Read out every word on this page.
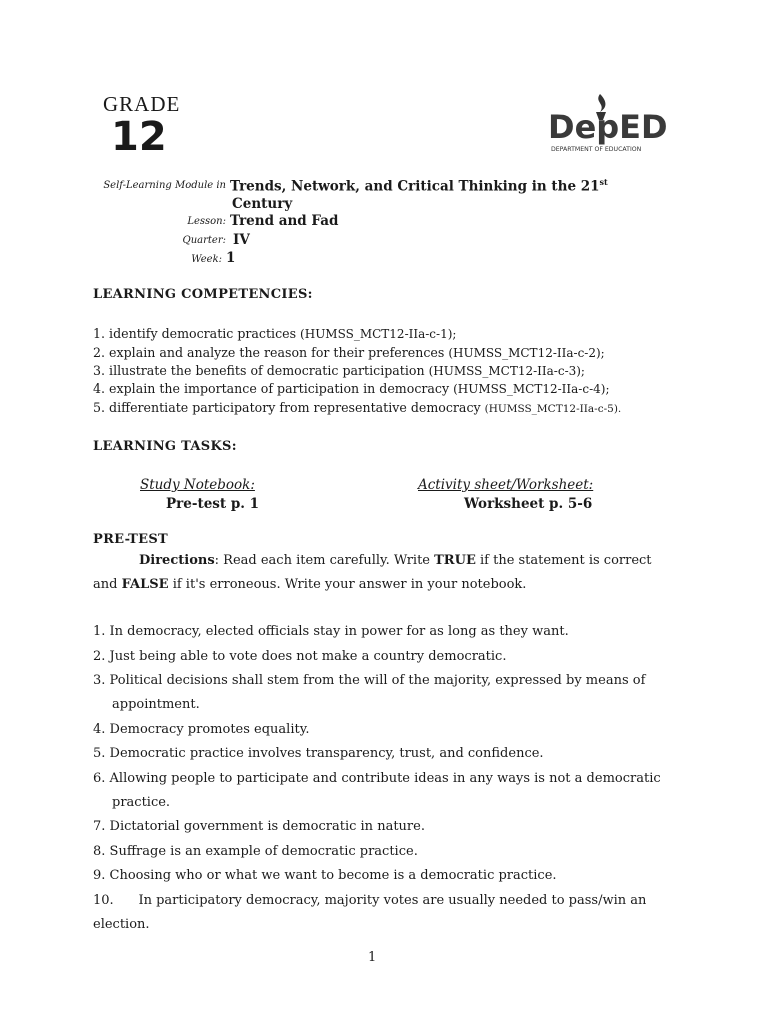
GRADE
12	DepED
DEPARTMENT OF EDUCATION
Self-Learning Module in Trends, Network, and Critical Thinking in the 21st
Century
Lesson: Trend and Fad
Quarter: IV
Week: 1
LEARNING COMPETENCIES:
1. identify democratic practices (HUMSS_MCT12-IIa-c-1);
2. explain and analyze the reason for their preferences (HUMSS_MCT12-IIa-c-2);
3. illustrate the benefits of democratic participation (HUMSS_MCT12-IIa-c-3);
4. explain the importance of participation in democracy (HUMSS_MCT12-IIa-c-4);
5. differentiate participatory from representative democracy (HUMSS_MCT12-IIa-c-5).
LEARNING TASKS:
Study Notebook:
Pre-test p. 1
Activity sheet/Worksheet:
Worksheet p. 5-6
PRE-TEST
Directions: Read each item carefully. Write TRUE if the statement is correct
and FALSE if it's erroneous. Write your answer in your notebook.
1. In democracy, elected officials stay in power for as long as they want.
2. Just being able to vote does not make a country democratic.
3. Political decisions shall stem from the will of the majority, expressed by means of
appointment.
4. Democracy promotes equality.
5. Democratic practice involves transparency, trust, and confidence.
6. Allowing people to participate and contribute ideas in any ways is not a democratic
practice.
7. Dictatorial government is democratic in nature.
8. Suffrage is an example of democratic practice.
9. Choosing who or what we want to become is a democratic practice.
10.      In participatory democracy, majority votes are usually needed to pass/win an
election.
1
